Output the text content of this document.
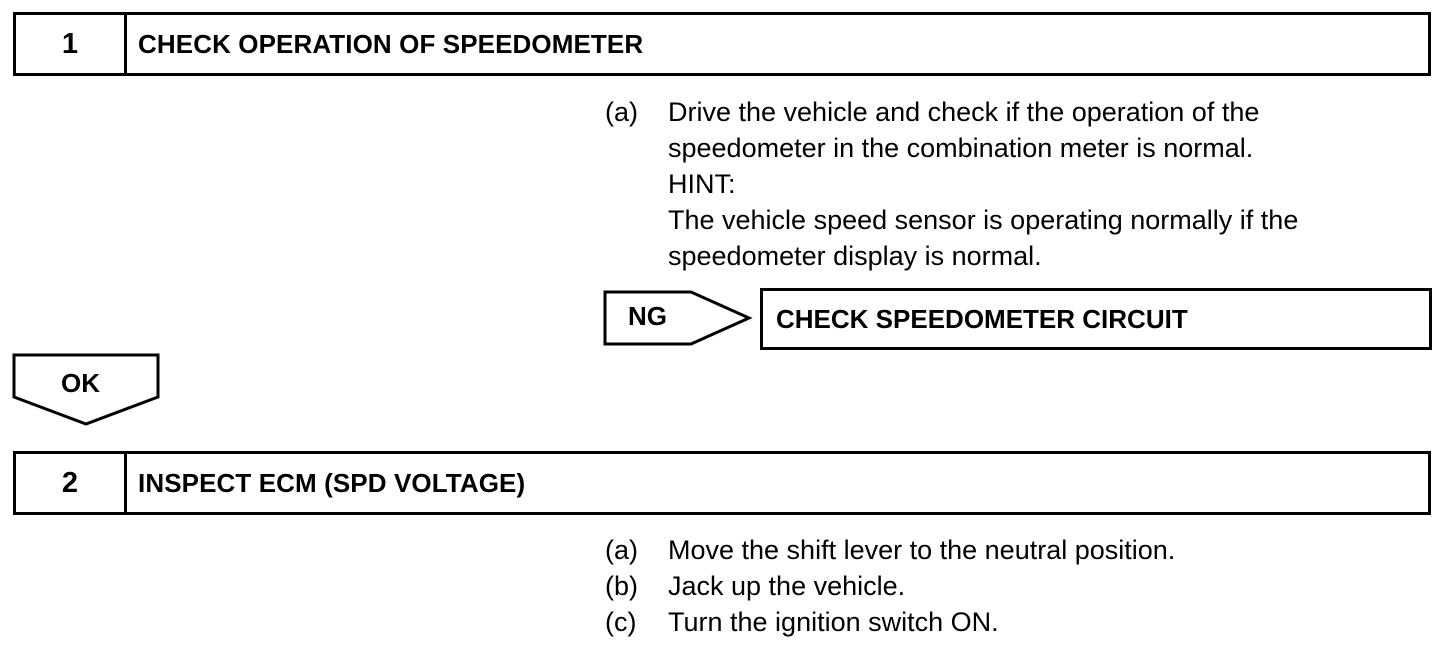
1	CHECK OPERATION OF SPEEDOMETER
(a)	Drive the vehicle and check if the operation of the
speedometer in the combination meter is normal.
HINT:
The vehicle speed sensor is operating normally if the
speedometer display is normal.
NG	CHECK SPEEDOMETER CIRCUIT
OK
2	INSPECT ECM (SPD VOLTAGE)
(a)	Move the shift lever to the neutral position.
(b)	Jack up the vehicle.
(c)	Turn the ignition switch ON.
